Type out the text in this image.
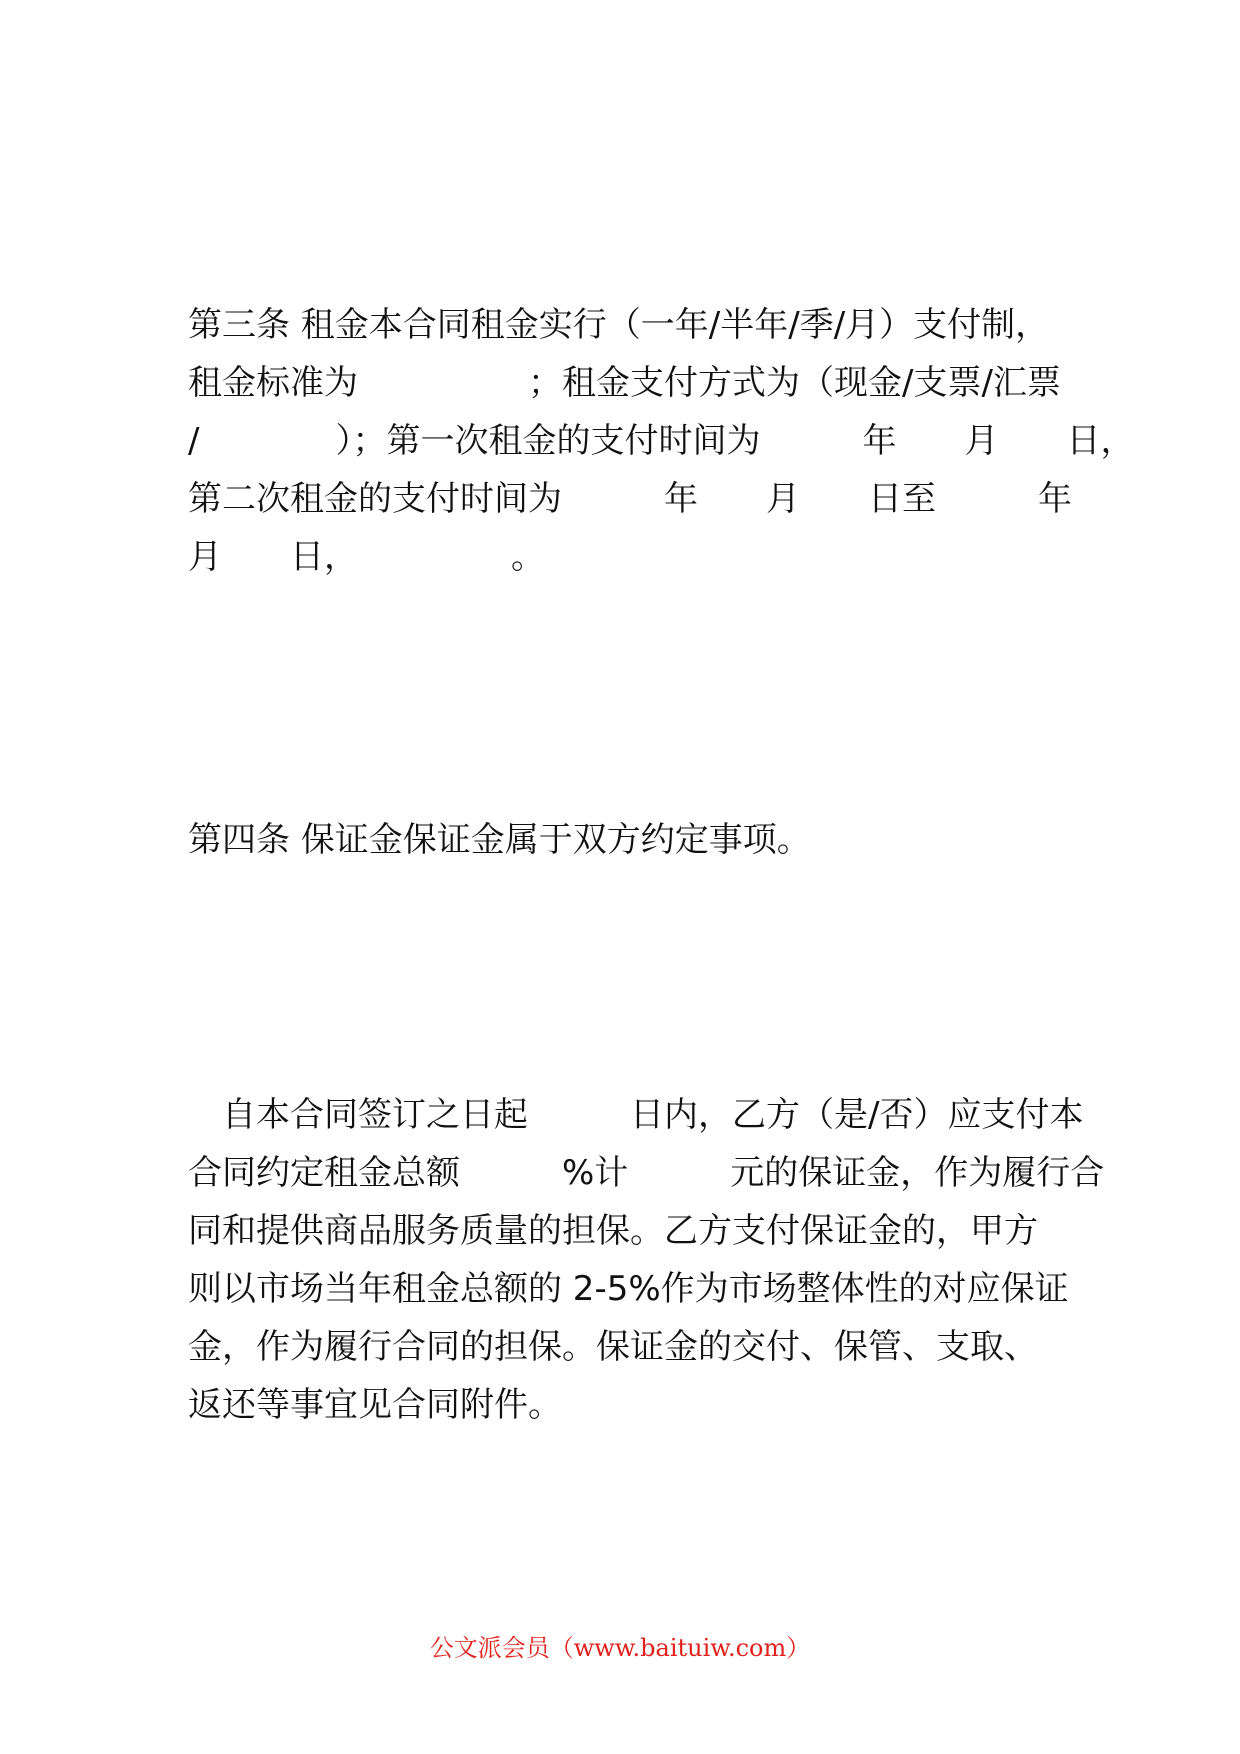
第三条 租金本合同租金实行（一年/半年/季/月）支付制，
租金标准为　　　　　；租金支付方式为（现金/支票/汇票
/　　　　）；第一次租金的支付时间为　　　年　　月　　日，
第二次租金的支付时间为　　　年　　月　　日至　　　年
月　　日，　　　　　。
第四条 保证金保证金属于双方约定事项。
自本合同签订之日起　　　日内，乙方（是/否）应支付本
合同约定租金总额　　　%计　　　元的保证金，作为履行合
同和提供商品服务质量的担保。乙方支付保证金的，甲方
则以市场当年租金总额的 2-5%作为市场整体性的对应保证
金，作为履行合同的担保。保证金的交付、保管、支取、
返还等事宜见合同附件。
公文派会员（www.baituiw.com）
